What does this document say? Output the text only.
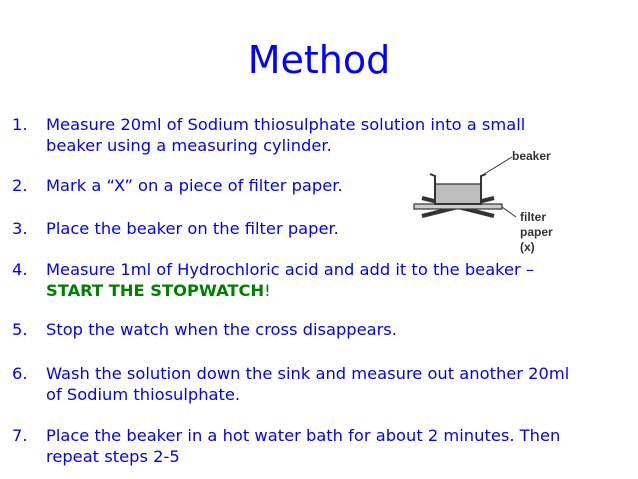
Method
1. Measure 20ml of Sodium thiosulphate solution into a small
beaker using a measuring cylinder.
2. Mark a “X” on a piece of filter paper.
3. Place the beaker on the filter paper.
4. Measure 1ml of Hydrochloric acid and add it to the beaker –
START THE STOPWATCH!
5. Stop the watch when the cross disappears.
6. Wash the solution down the sink and measure out another 20ml
of Sodium thiosulphate.
7. Place the beaker in a hot water bath for about 2 minutes. Then
repeat steps 2-5
beaker
filter
paper
(x)
